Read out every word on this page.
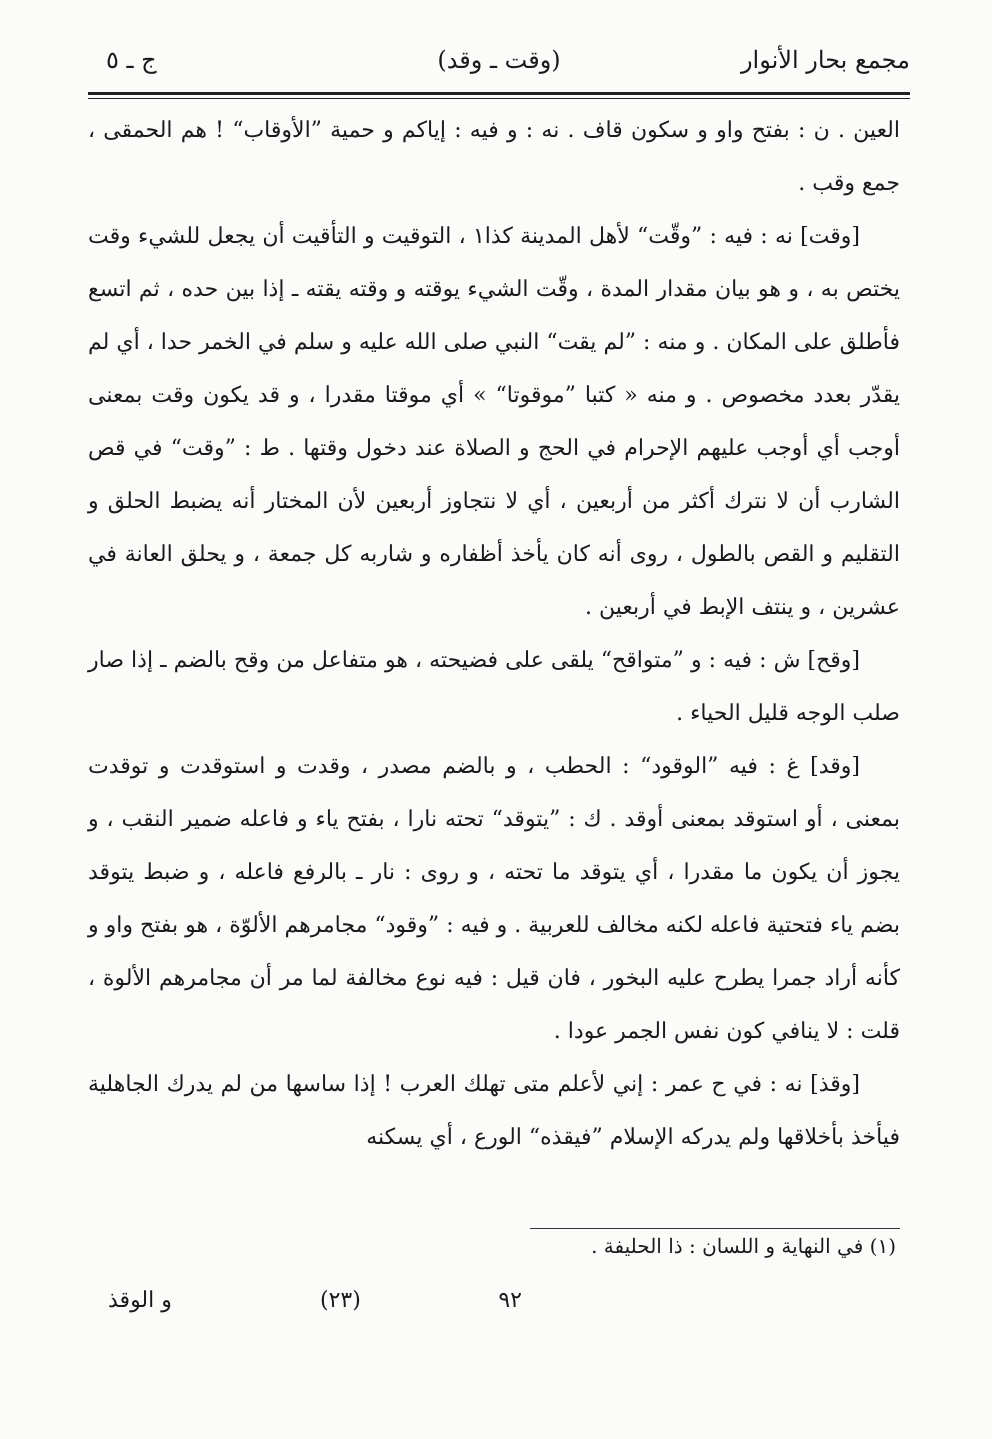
مجمع بحار الأنوار
(وقت ـ وقد)
ج ـ ٥

العين . ن : بفتح واو و سكون قاف . نه : و فيه : إياكم و حمية ”الأوقاب“ ! هم الحمقى ، جمع وقب .

[وقت] نه : فيه : ”وقّت“ لأهل المدينة كذا١ ، التوقيت و التأقيت أن يجعل للشيء وقت يختص به ، و هو بيان مقدار المدة ، وقّت الشيء يوقته و وقته يقته ـ إذا بين حده ، ثم اتسع فأطلق على المكان . و منه : ”لم يقت“ النبي صلى الله عليه و سلم في الخمر حدا ، أي لم يقدّر بعدد مخصوص . و منه « كتبا ”موقوتا“ » أي موقتا مقدرا ، و قد يكون وقت بمعنى أوجب أي أوجب عليهم الإحرام في الحج و الصلاة عند دخول وقتها . ط : ”وقت“ في قص الشارب أن لا نترك أكثر من أربعين ، أي لا نتجاوز أربعين لأن المختار أنه يضبط الحلق و التقليم و القص بالطول ، روى أنه كان يأخذ أظفاره و شاربه كل جمعة ، و يحلق العانة في عشرين ، و ينتف الإبط في أربعين .

[وقح] ش : فيه : و ”متواقح“ يلقى على فضيحته ، هو متفاعل من وقح بالضم ـ إذا صار صلب الوجه قليل الحياء .

[وقد] غ : فيه ”الوقود“ : الحطب ، و بالضم مصدر ، وقدت و استوقدت و توقدت بمعنى ، أو استوقد بمعنى أوقد . ك : ”يتوقد“ تحته نارا ، بفتح ياء و فاعله ضمير النقب ، و يجوز أن يكون ما مقدرا ، أي يتوقد ما تحته ، و روى : نار ـ بالرفع فاعله ، و ضبط يتوقد بضم ياء فتحتية فاعله لكنه مخالف للعربية . و فيه : ”وقود“ مجامرهم الألوّة ، هو بفتح واو و كأنه أراد جمرا يطرح عليه البخور ، فان قيل : فيه نوع مخالفة لما مر أن مجامرهم الألوة ، قلت : لا ينافي كون نفس الجمر عودا .

[وقذ] نه : في ح عمر : إني لأعلم متى تهلك العرب ! إذا ساسها من لم يدرك الجاهلية فيأخذ بأخلاقها ولم يدركه الإسلام ”فيقذه“ الورع ، أي يسكنه

(١) في النهاية و اللسان : ذا الحليفة .
٩٢
(٢٣)
و الوقذ
